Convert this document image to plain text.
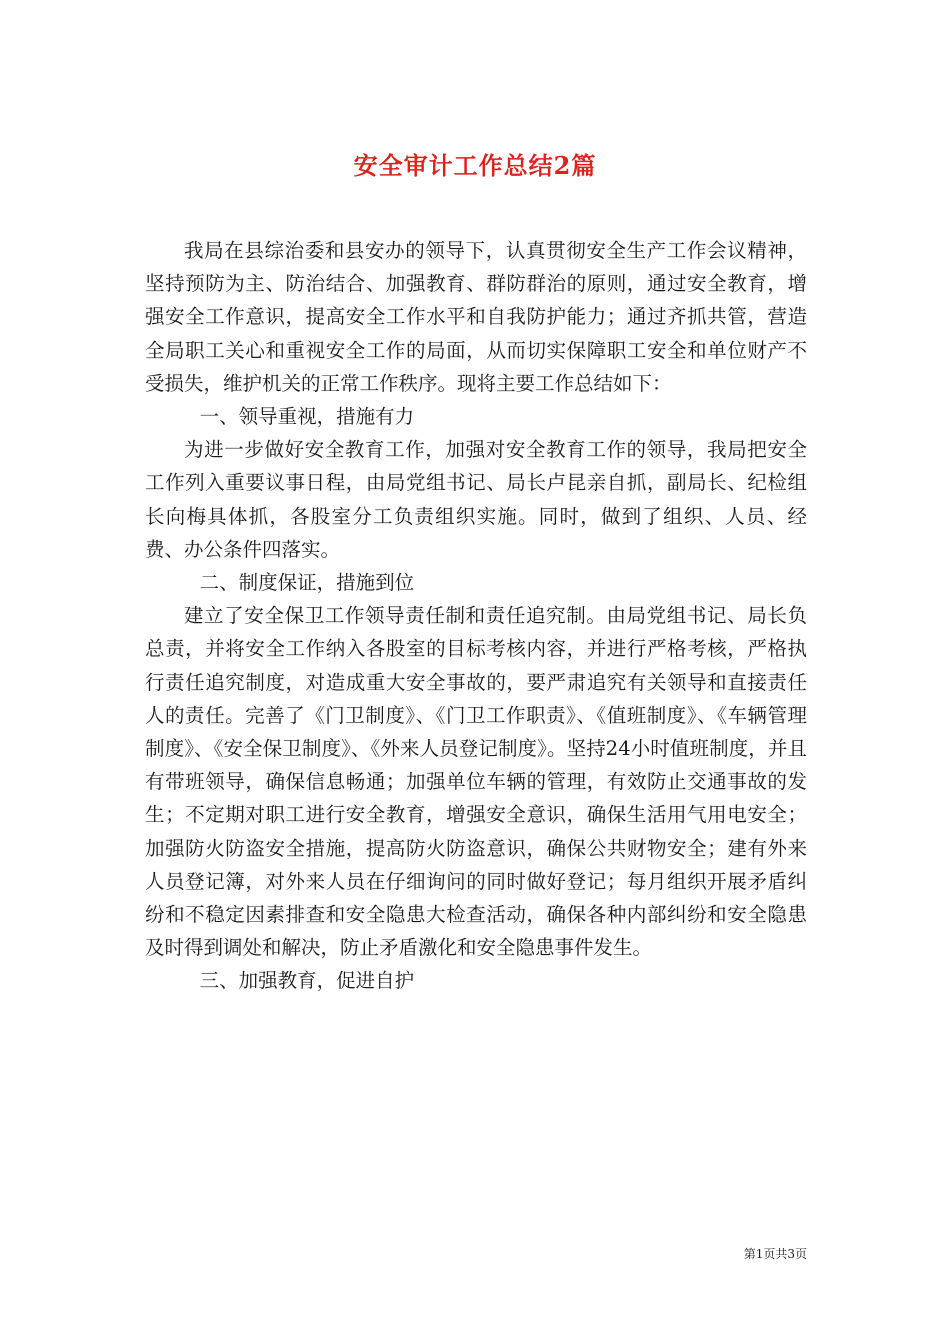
安全审计工作总结2篇

我局在县综治委和县安办的领导下，认真贯彻安全生产工作会议精神，坚持预防为主、防治结合、加强教育、群防群治的原则，通过安全教育，增强安全工作意识，提高安全工作水平和自我防护能力；通过齐抓共管，营造全局职工关心和重视安全工作的局面，从而切实保障职工安全和单位财产不受损失，维护机关的正常工作秩序。现将主要工作总结如下：

一、领导重视，措施有力

为进一步做好安全教育工作，加强对安全教育工作的领导，我局把安全工作列入重要议事日程，由局党组书记、局长卢昆亲自抓，副局长、纪检组长向梅具体抓，各股室分工负责组织实施。同时，做到了组织、人员、经费、办公条件四落实。

二、制度保证，措施到位

建立了安全保卫工作领导责任制和责任追究制。由局党组书记、局长负总责，并将安全工作纳入各股室的目标考核内容，并进行严格考核，严格执行责任追究制度，对造成重大安全事故的，要严肃追究有关领导和直接责任人的责任。完善了《门卫制度》、《门卫工作职责》、《值班制度》、《车辆管理制度》、《安全保卫制度》、《外来人员登记制度》。坚持24小时值班制度，并且有带班领导，确保信息畅通；加强单位车辆的管理，有效防止交通事故的发生；不定期对职工进行安全教育，增强安全意识，确保生活用气用电安全；加强防火防盗安全措施，提高防火防盗意识，确保公共财物安全；建有外来人员登记簿，对外来人员在仔细询问的同时做好登记；每月组织开展矛盾纠纷和不稳定因素排查和安全隐患大检查活动，确保各种内部纠纷和安全隐患及时得到调处和解决，防止矛盾激化和安全隐患事件发生。

三、加强教育，促进自护

第1页共3页
